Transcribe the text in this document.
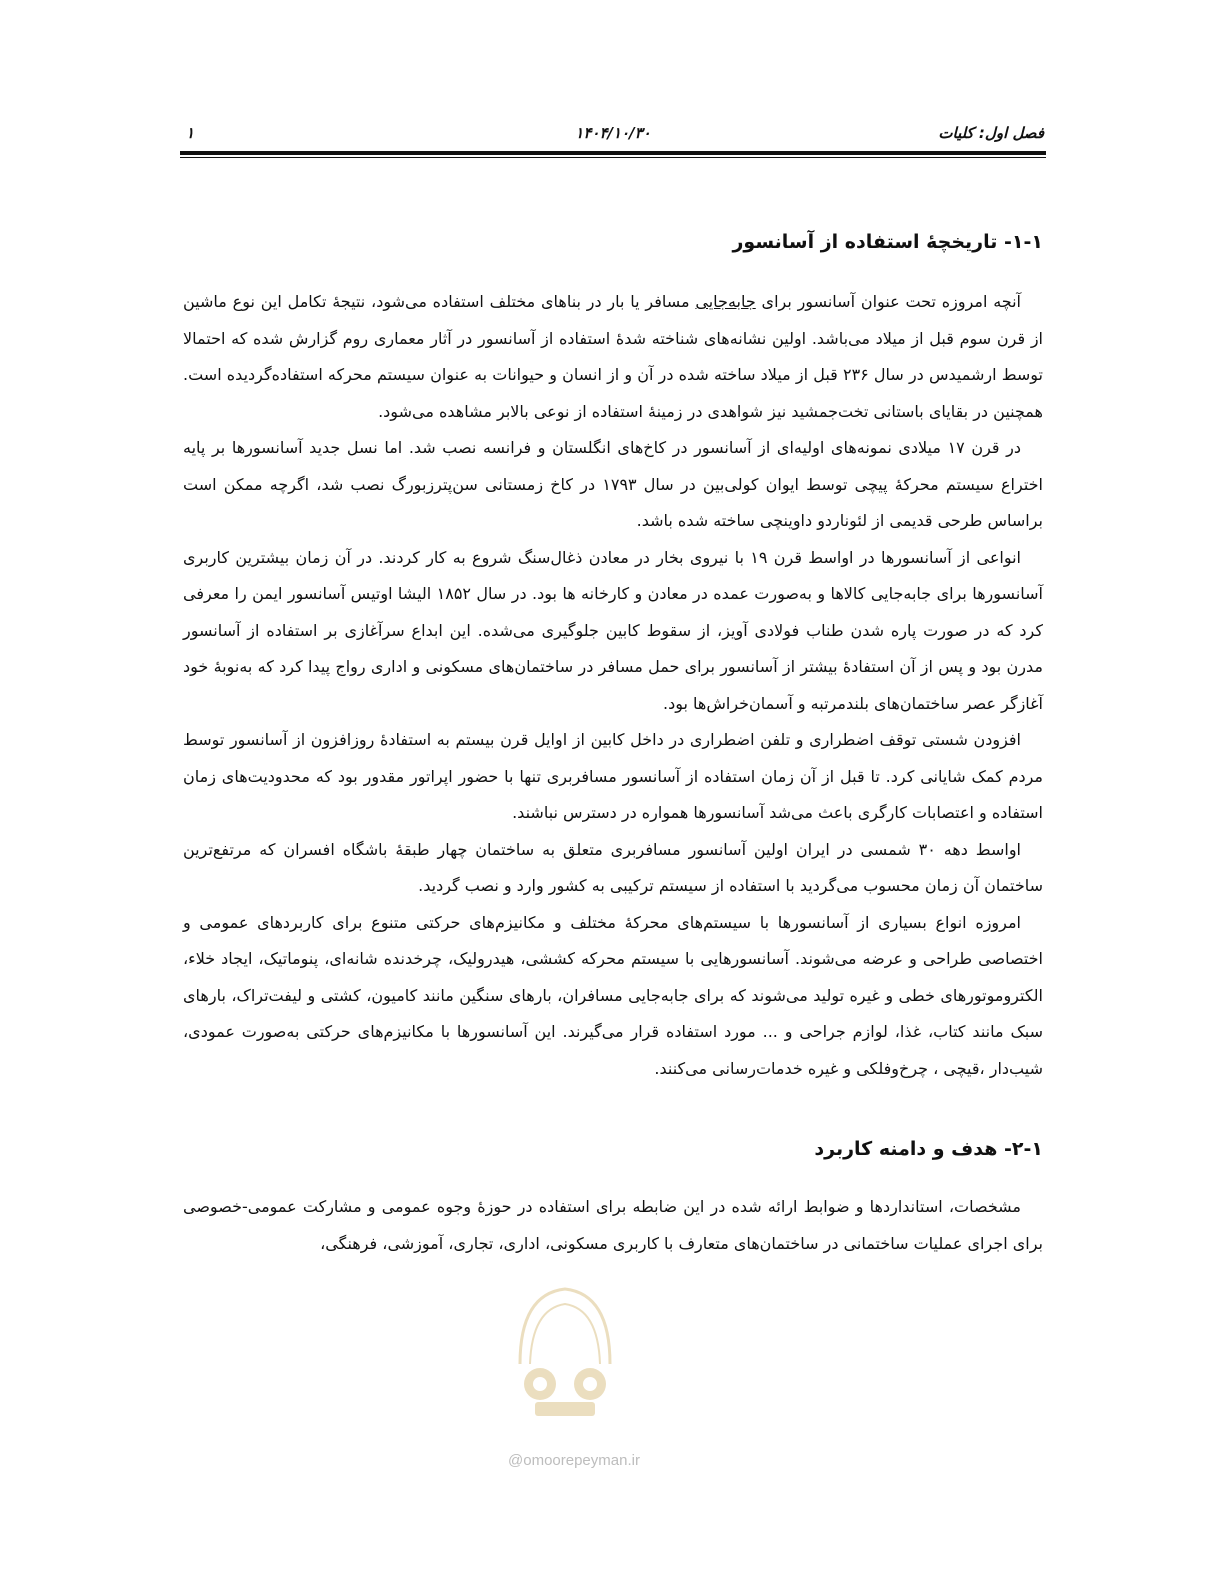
فصل اول: کلیات
۱۴۰۴/۱۰/۳۰
۱
۱-۱- تاریخچۀ استفاده از آسانسور

آنچه امروزه تحت عنوان آسانسور برای جابه‌جایی مسافر یا بار در بناهای مختلف استفاده می‌شود، نتیجۀ تکامل این نوع ماشین از قرن سوم قبل از میلاد می‌باشد. اولین نشانه‌های شناخته شدۀ استفاده از آسانسور در آثار معماری روم گزارش شده که احتمالا توسط ارشمیدس در سال ۲۳۶ قبل از میلاد ساخته شده در آن و از انسان و حیوانات به عنوان سیستم محرکه استفاده‌گردیده است. همچنین در بقایای باستانی تخت‌جمشید نیز شواهدی در زمینۀ استفاده از نوعی بالابر مشاهده می‌شود.

در قرن ۱۷ میلادی نمونه‌های اولیه‌ای از آسانسور در کاخ‌های انگلستان و فرانسه نصب شد. اما نسل جدید آسانسورها بر پایه اختراع سیستم محرکۀ پیچی توسط ایوان کولی‌بین در سال ۱۷۹۳ در کاخ زمستانی سن‌پترزبورگ نصب شد، اگرچه ممکن است براساس طرحی قدیمی از لئوناردو داوینچی ساخته شده باشد.

انواعی از آسانسورها در اواسط قرن ۱۹ با نیروی بخار در معادن ذغال‌سنگ شروع به کار کردند. در آن زمان بیشترین کاربری آسانسورها برای جابه‌جایی کالاها و به‌صورت عمده در معادن و کارخانه ها بود. در سال ۱۸۵۲ الیشا اوتیس آسانسور ایمن را معرفی کرد که در صورت پاره شدن طناب فولادی آویز، از سقوط کابین جلوگیری می‌شده. این ابداع سرآغازی بر استفاده از آسانسور مدرن بود و پس از آن استفادۀ بیشتر از آسانسور برای حمل مسافر در ساختمان‌های مسکونی و اداری رواج پیدا کرد که به‌نوبۀ خود آغازگر عصر ساختمان‌های بلندمرتبه و آسمان‌خراش‌ها بود.

افزودن شستی توقف اضطراری و تلفن اضطراری در داخل کابین از اوایل قرن بیستم به استفادۀ روزافزون از آسانسور توسط مردم کمک شایانی کرد. تا قبل از آن زمان استفاده از آسانسور مسافربری تنها با حضور اپراتور مقدور بود که محدودیت‌های زمان استفاده و اعتصابات کارگری باعث می‌شد آسانسورها همواره در دسترس نباشند.

اواسط دهه ۳۰ شمسی در ایران اولین آسانسور مسافربری متعلق به ساختمان چهار طبقۀ باشگاه افسران که مرتفع‌ترین ساختمان آن زمان محسوب می‌گردید با استفاده از سیستم ترکیبی به کشور وارد و نصب گردید.

امروزه انواع بسیاری از آسانسورها با سیستم‌های محرکۀ مختلف و مکانیزم‌های حرکتی متنوع برای کاربردهای عمومی و اختصاصی طراحی و عرضه می‌شوند. آسانسورهایی با سیستم محرکه کششی، هیدرولیک، چرخدنده شانه‌ای، پنوماتیک، ایجاد خلاء، الکتروموتورهای خطی و غیره تولید می‌شوند که برای جابه‌جایی مسافران، بارهای سنگین مانند کامیون، کشتی و لیفت‌تراک، بارهای سبک مانند کتاب، غذا، لوازم جراحی و ... مورد استفاده قرار می‌گیرند. این آسانسورها با مکانیزم‌های حرکتی به‌صورت عمودی، شیب‌دار ،قیچی ، چرخ‌وفلکی و غیره خدمات‌رسانی می‌کنند.

۲-۱- هدف و دامنه کاربرد

مشخصات، استانداردها و ضوابط ارائه شده در این ضابطه برای استفاده در حوزۀ وجوه عمومی و مشارکت عمومی-خصوصی برای اجرای عملیات ساختمانی در ساختمان‌های متعارف با کاربری مسکونی، اداری، تجاری، آموزشی، فرهنگی،

@omoorepeyman.ir
